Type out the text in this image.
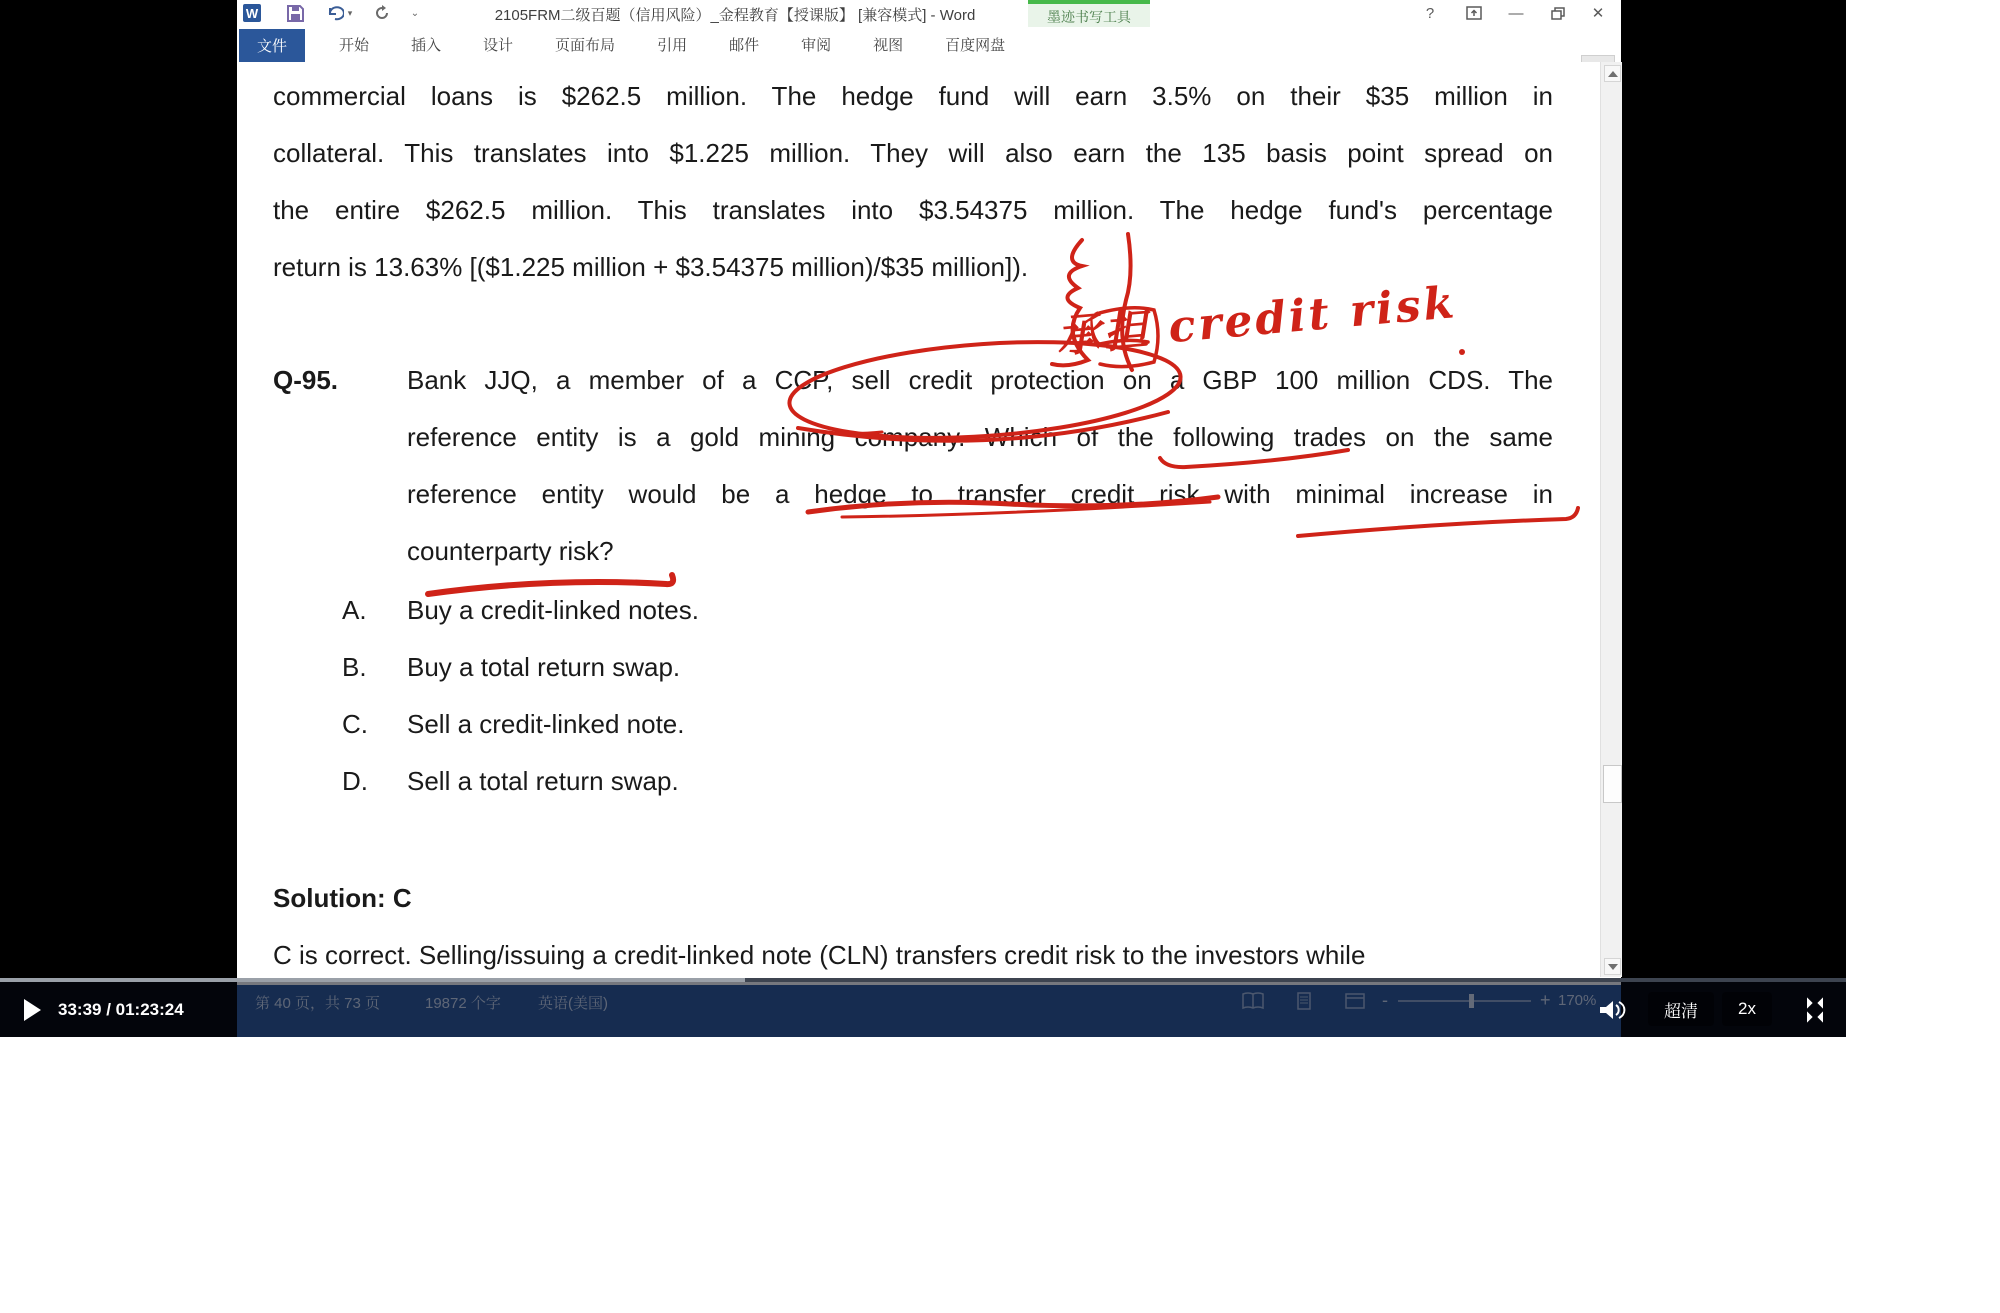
W	▾	⌄	2105FRM二级百题（信用风险）_金程教育【授课版】 [兼容模式] - Word	墨迹书写工具	?	—	✕
文件	开始	插入	设计	页面布局	引用	邮件	审阅	视图	百度网盘
commercial loans is $262.5 million. The hedge fund will earn 3.5% on their $35 million in
collateral. This translates into $1.225 million. They will also earn the 135 basis point spread on
the entire $262.5 million. This translates into $3.54375 million. The hedge fund's percentage
return is 13.63% [($1.225 million + $3.54375 million)/$35 million]).
Q-95.	Bank JJQ, a member of a CCP, sell credit protection on a GBP 100 million CDS. The
reference entity is a gold mining company. Which of the following trades on the same
reference entity would be a hedge to transfer credit risk with minimal increase in
counterparty risk?
A. Buy a credit-linked notes.
B. Buy a total return swap.
C. Sell a credit-linked note.
D. Sell a total return swap.
Solution: C
C is correct. Selling/issuing a credit-linked note (CLN) transfers credit risk to the investors while
33:39 / 01:23:24	超清	2x
承担 credit risk
